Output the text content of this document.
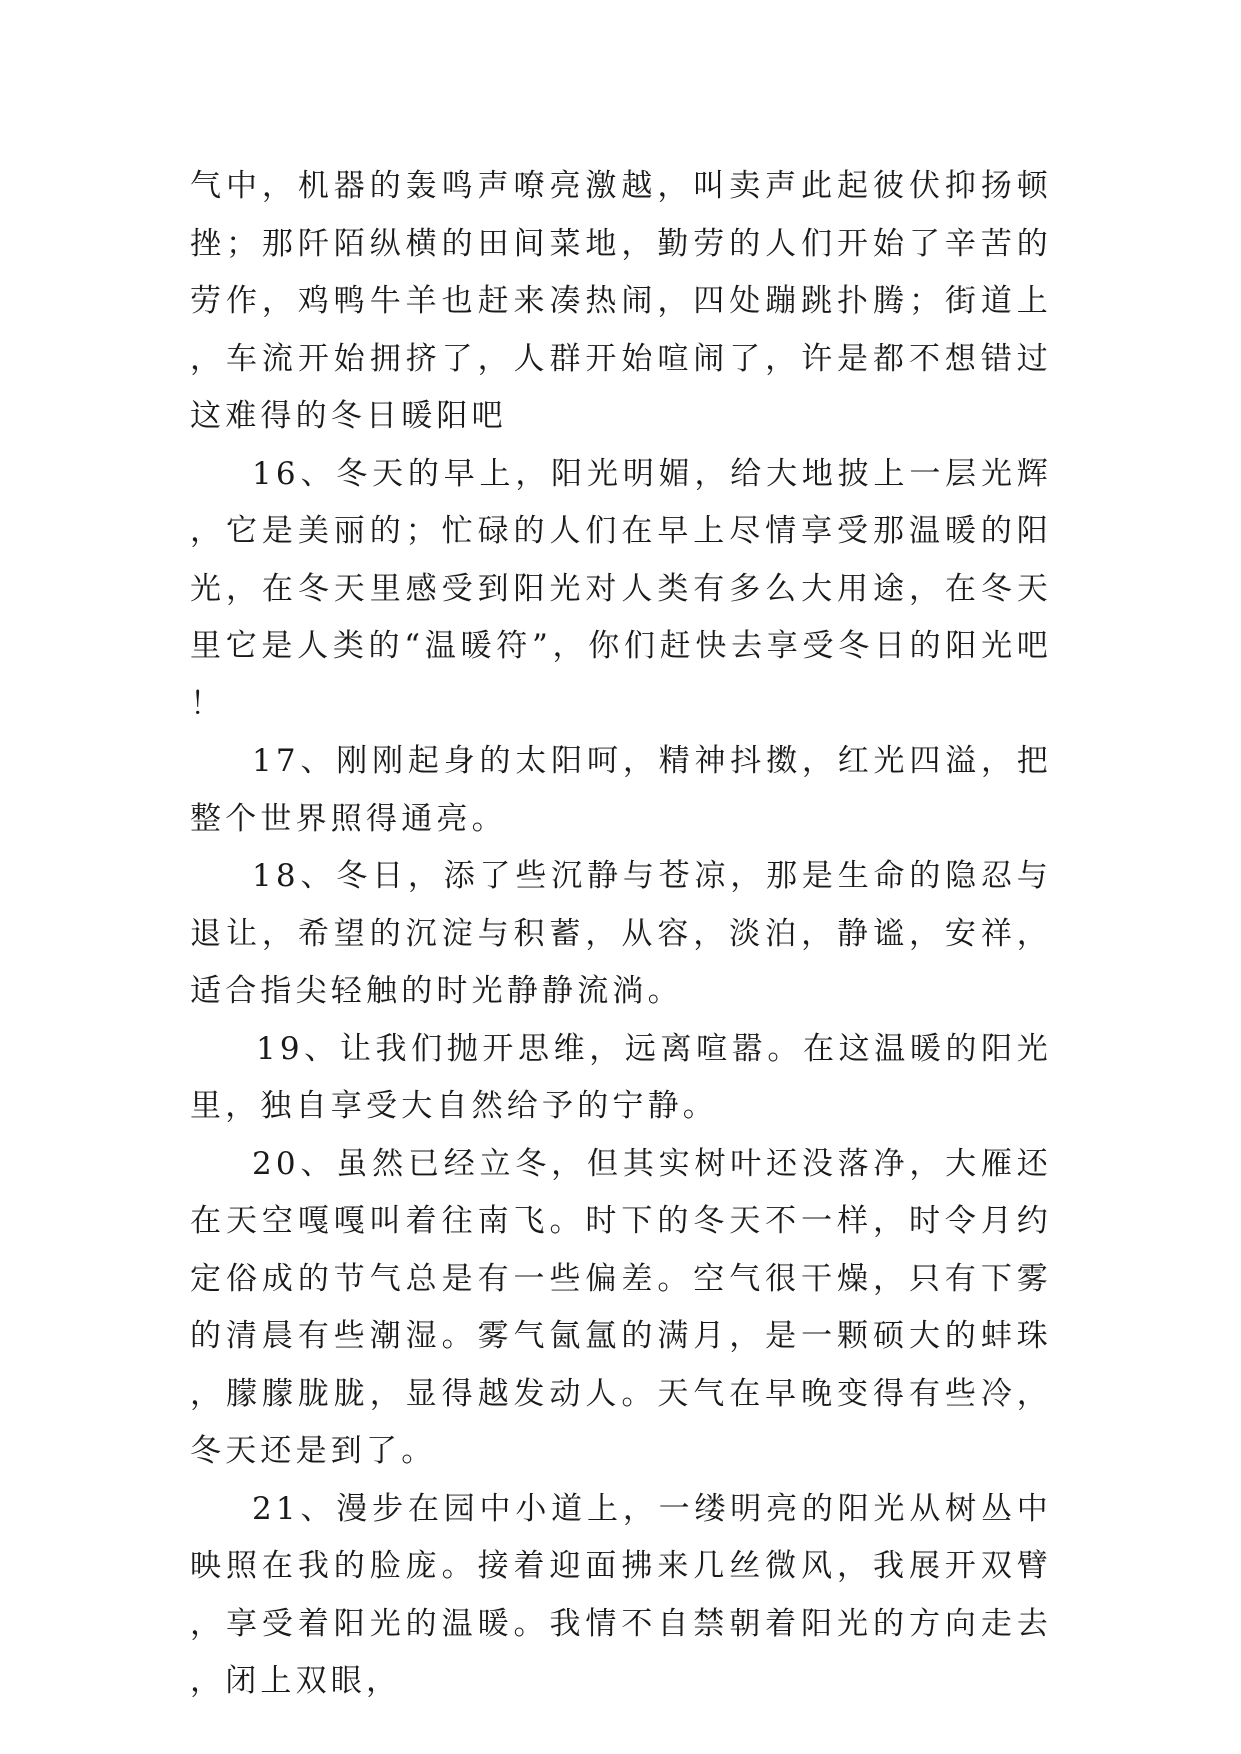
气中，机器的轰鸣声嘹亮激越，叫卖声此起彼伏抑扬顿挫；那阡陌纵横的田间菜地，勤劳的人们开始了辛苦的劳作，鸡鸭牛羊也赶来凑热闹，四处蹦跳扑腾；街道上，车流开始拥挤了，人群开始喧闹了，许是都不想错过这难得的冬日暖阳吧

16、冬天的早上，阳光明媚，给大地披上一层光辉，它是美丽的；忙碌的人们在早上尽情享受那温暖的阳光，在冬天里感受到阳光对人类有多么大用途，在冬天里它是人类的“温暖符”，你们赶快去享受冬日的阳光吧！

17、刚刚起身的太阳呵，精神抖擞，红光四溢，把整个世界照得通亮。

18、冬日，添了些沉静与苍凉，那是生命的隐忍与退让，希望的沉淀与积蓄，从容，淡泊，静谧，安祥，适合指尖轻触的时光静静流淌。

19、让我们抛开思维，远离喧嚣。在这温暖的阳光里，独自享受大自然给予的宁静。

20、虽然已经立冬，但其实树叶还没落净，大雁还在天空嘎嘎叫着往南飞。时下的冬天不一样，时令月约定俗成的节气总是有一些偏差。空气很干燥，只有下雾的清晨有些潮湿。雾气氤氲的满月，是一颗硕大的蚌珠，朦朦胧胧，显得越发动人。天气在早晚变得有些冷，冬天还是到了。

21、漫步在园中小道上，一缕明亮的阳光从树丛中映照在我的脸庞。接着迎面拂来几丝微风，我展开双臂，享受着阳光的温暖。我情不自禁朝着阳光的方向走去，闭上双眼，
